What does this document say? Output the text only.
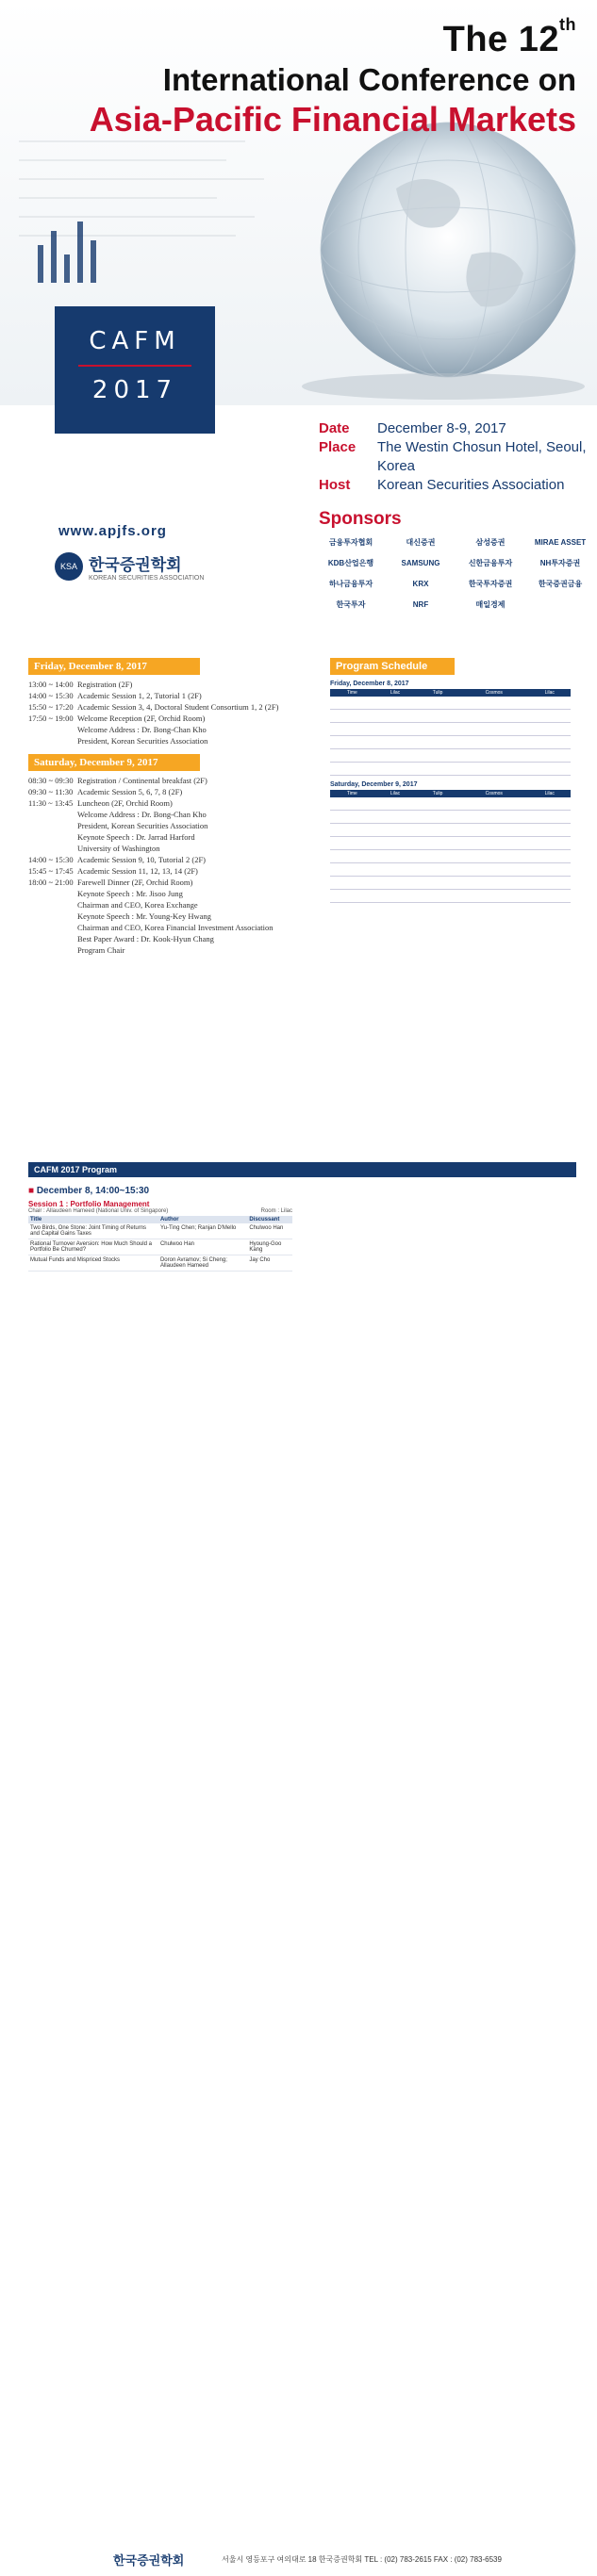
The 12th
International Conference on
Asia-Pacific Financial Markets
CAFM
2017
Date	December 8-9, 2017
Place	The Westin Chosun Hotel, Seoul, Korea
Host	Korean Securities Association
www.apjfs.org
KSA 한국증권학회
KOREAN SECURITIES ASSOCIATION
Sponsors
금융투자협회	대신증권	삼성증권	MIRAE ASSET
KDB산업은행	SAMSUNG	신한금융투자	NH투자증권
하나금융투자	KRX	한국투자증권	한국증권금융
한국투자	NRF	매일경제
Friday, December 8, 2017
13:00 ~ 14:00 Registration (2F)
14:00 ~ 15:30 Academic Session 1, 2, Tutorial 1 (2F)
15:50 ~ 17:20 Academic Session 3, 4, Doctoral Student Consortium 1, 2 (2F)
17:50 ~ 19:00 Welcome Reception (2F, Orchid Room)
Welcome Address : Dr. Bong-Chan Kho
President, Korean Securities Association
Saturday, December 9, 2017
08:30 ~ 09:30 Registration / Continental breakfast (2F)
09:30 ~ 11:30 Academic Session 5, 6, 7, 8 (2F)
11:30 ~ 13:45 Luncheon (2F, Orchid Room)
Welcome Address : Dr. Bong-Chan Kho
President, Korean Securities Association
Keynote Speech : Dr. Jarrad Harford
University of Washington
14:00 ~ 15:30 Academic Session 9, 10, Tutorial 2 (2F)
15:45 ~ 17:45 Academic Session 11, 12, 13, 14 (2F)
18:00 ~ 21:00 Farewell Dinner (2F, Orchid Room)
Keynote Speech : Mr. Jisoo Jung
Chairman and CEO, Korea Exchange
Keynote Speech : Mr. Young-Key Hwang
Chairman and CEO, Korea Financial Investment Association
Best Paper Award : Dr. Kook-Hyun Chang
Program Chair
Program Schedule
Friday, December 8, 2017
Time	Lilac	Tulip	Cosmos	Lilac

Saturday, December 9, 2017
Time	Lilac	Tulip	Cosmos	Lilac

CAFM 2017 Program
■ December 8, 14:00~15:30
Session 1 : Portfolio Management
Chair : Allaudeen Hameed (National Univ. of Singapore)	Room : Lilac
Title	Author	Discussant
Two Birds, One Stone: Joint Timing of Returns and Capital Gains Taxes	Yu-Ting Chen; Ranjan D'Mello	Chulwoo Han
Rational Turnover Aversion: How Much Should a Portfolio Be Churned?	Chulwoo Han	Hyoung-Goo Kang
Mutual Funds and Mispriced Stocks	Doron Avramov; Si Cheng; Allaudeen Hameed	Jay Cho
한국증권학회	서울시 영등포구 여의대로 18 한국증권학회 TEL : (02) 783-2615 FAX : (02) 783-6539
